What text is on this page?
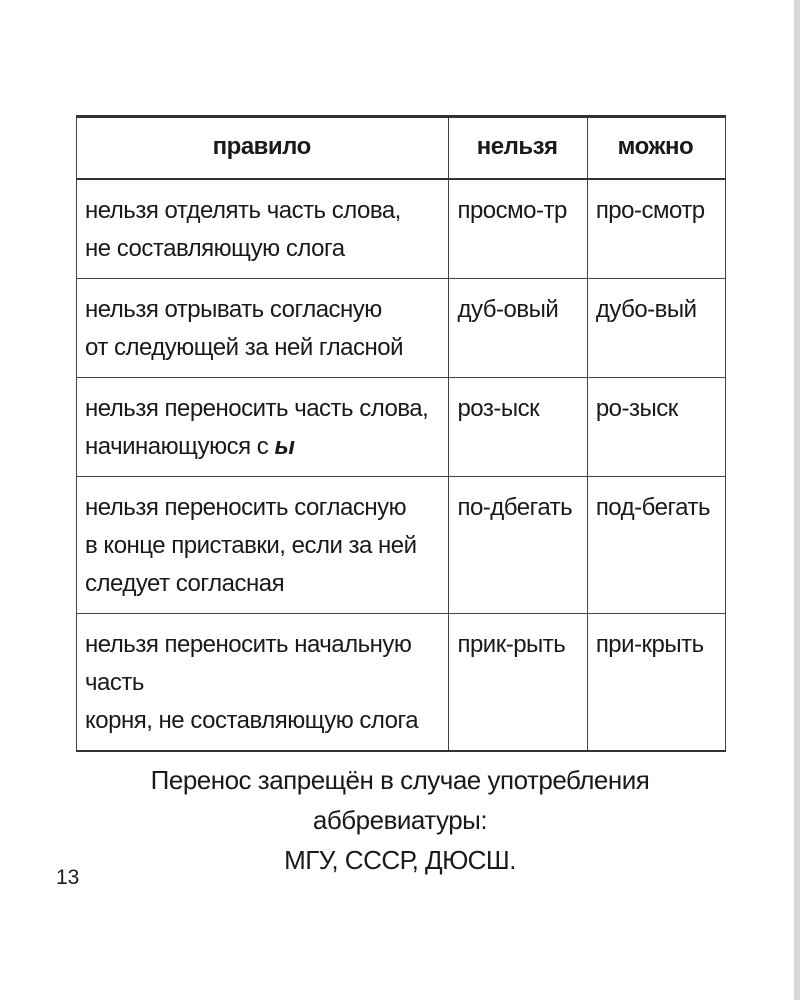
правило	нельзя	можно

нельзя отделять часть слова,
не составляющую слога	просмо-тр	про-смотр

нельзя отрывать согласную
от следующей за ней гласной	дуб-овый	дубо-вый

нельзя переносить часть слова,
начинающуюся с ы	роз-ыск	ро-зыск

нельзя переносить согласную
в конце приставки, если за ней
следует согласная	по-дбегать	под-бегать

нельзя переносить начальную часть
корня, не составляющую слога	прик-рыть	при-крыть
Перенос запрещён в случае употребления аббревиатуры:
МГУ, СССР, ДЮСШ.
13
